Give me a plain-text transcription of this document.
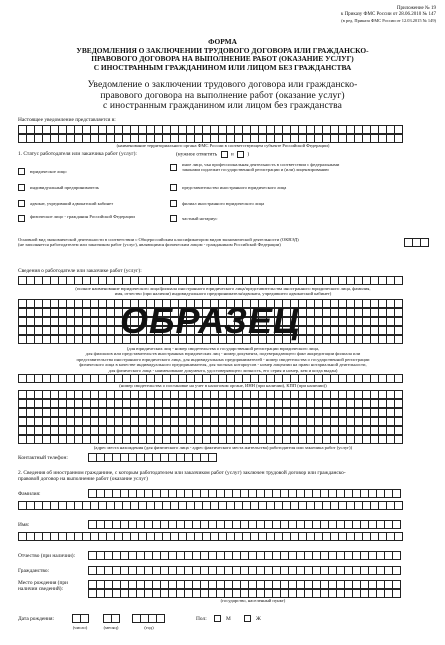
Приложение № 19
к Приказу ФМС России от 28.06.2010 № 147
(в ред. Приказа ФМС России от 12.03.2015 № 149)
ФОРМА
УВЕДОМЛЕНИЯ О ЗАКЛЮЧЕНИИ ТРУДОВОГО ДОГОВОРА ИЛИ ГРАЖДАНСКО-
ПРАВОВОГО ДОГОВОРА НА ВЫПОЛНЕНИЕ РАБОТ (ОКАЗАНИЕ УСЛУГ)
С ИНОСТРАННЫМ ГРАЖДАНИНОМ ИЛИ ЛИЦОМ БЕЗ ГРАЖДАНСТВА
Уведомление о заключении трудового договора или гражданско-
правового договора на выполнение работ (оказание услуг)
с иностранным гражданином или лицом без гражданства
Настоящее уведомление представляется в:
(наименование территориального органа ФМС России в соответствующем субъекте Российской Федерации)
1. Статус работодателя или заказчика работ (услуг):	(нужное отметить	и	)
юридическое лицо
индивидуальный предприниматель
адвокат, учредивший адвокатский кабинет
физическое лицо - гражданин Российской Федерации
иное лицо, чья профессиональная деятельность в соответствии с федеральными законами подлежит государственной регистрации и (или) лицензированию
представительство иностранного юридического лица
филиал иностранного юридического лица
частный нотариус
Основной вид экономической деятельности в соответствии с Общероссийским классификатором видов экономической деятельности (ОКВЭД)
(не заполняется работодателем или заказчиком работ (услуг), являющимся физическим лицом - гражданином Российской Федерации)
Сведения о работодателе или заказчике работ (услуг):
(полное наименование юридического лица/филиала иностранного юридического лица/представительства иностранного юридического лица, фамилия,
имя, отчество (при наличии) индивидуального предпринимателя/адвоката, учредившего адвокатский кабинет)
ОБРАЗЕЦ
(для юридических лиц - номер свидетельства о государственной регистрации юридического лица,
для филиалов или представительств иностранных юридических лиц - номер документа, подтверждающего факт аккредитации филиала или
представительства иностранного юридического лица, для индивидуальных предпринимателей - номер свидетельства о государственной регистрации
физического лица в качестве индивидуального предпринимателя, для частных нотариусов - номер лицензии на право нотариальной деятельности,
для физического лица - наименование документа, удостоверяющего личность, его серия и номер, кем и когда выдан)
(номер свидетельства о постановке на учет в налоговом органе, ИНН (при наличии), КПП (при наличии))
(адрес места нахождения (для физического лица - адрес фактического места жительства) работодателя или заказчика работ (услуг))
Контактный телефон:
2. Сведения об иностранном гражданине, с которым работодателем или заказчиком работ (услуг) заключен трудовой договор или гражданско-
правовой договор на выполнение работ (оказание услуг)
Фамилия:
Имя:
Отчество (при наличии):
Гражданство:
Место рождения (при
наличии сведений):
(государство, населенный пункт)
Дата рождения:
(число)	(месяц)	(год)
Пол:	М	Ж
